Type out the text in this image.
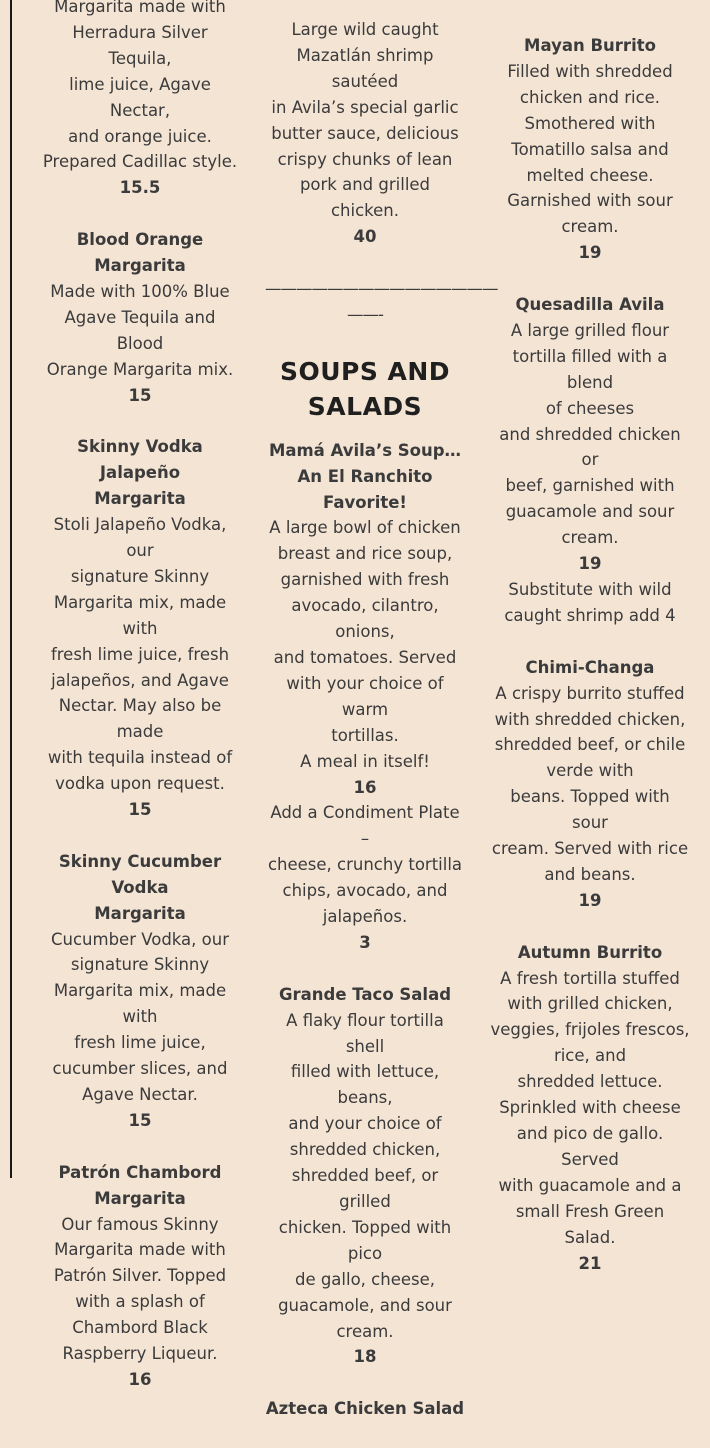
Margarita made with

Herradura Silver Tequila,

lime juice, Agave Nectar,

and orange juice.

Prepared Cadillac style.

15.5

Blood Orange Margarita

Made with 100% Blue

Agave Tequila and Blood

Orange Margarita mix.

15

Skinny Vodka Jalapeño

Margarita

Stoli Jalapeño Vodka, our

signature Skinny

Margarita mix, made with

fresh lime juice, fresh

jalapeños, and Agave

Nectar. May also be made

with tequila instead of

vodka upon request.

15

Skinny Cucumber Vodka

Margarita

Cucumber Vodka, our

signature Skinny

Margarita mix, made with

fresh lime juice,

cucumber slices, and

Agave Nectar.

15

Patrón Chambord

Margarita

Our famous Skinny

Margarita made with

Patrón Silver. Topped

with a splash of

Chambord Black

Raspberry Liqueur.

16

Large wild caught

Mazatlán shrimp sautéed

in Avila’s special garlic

butter sauce, delicious

crispy chunks of lean

pork and grilled chicken.

40

———————————————

——-

SOUPS AND

SALADS

Mamá Avila’s Soup…

An El Ranchito Favorite!

A large bowl of chicken

breast and rice soup,

garnished with fresh

avocado, cilantro, onions,

and tomatoes. Served

with your choice of warm

tortillas.

A meal in itself!

16

Add a Condiment Plate –

cheese, crunchy tortilla

chips, avocado, and

jalapeños.

3

Grande Taco Salad

A flaky flour tortilla shell

filled with lettuce, beans,

and your choice of

shredded chicken,

shredded beef, or grilled

chicken. Topped with pico

de gallo, cheese,

guacamole, and sour

cream.

18

Azteca Chicken Salad

Mayan Burrito

Filled with shredded

chicken and rice.

Smothered with

Tomatillo salsa and

melted cheese.

Garnished with sour

cream.

19

Quesadilla Avila

A large grilled flour

tortilla filled with a blend

of cheeses

and shredded chicken or

beef, garnished with

guacamole and sour

cream.

19

Substitute with wild

caught shrimp add 4

Chimi-Changa

A crispy burrito stuffed

with shredded chicken,

shredded beef, or chile

verde with

beans. Topped with sour

cream. Served with rice

and beans.

19

Autumn Burrito

A fresh tortilla stuffed

with grilled chicken,

veggies, frijoles frescos,

rice, and

shredded lettuce.

Sprinkled with cheese

and pico de gallo. Served

with guacamole and a

small Fresh Green Salad.

21
